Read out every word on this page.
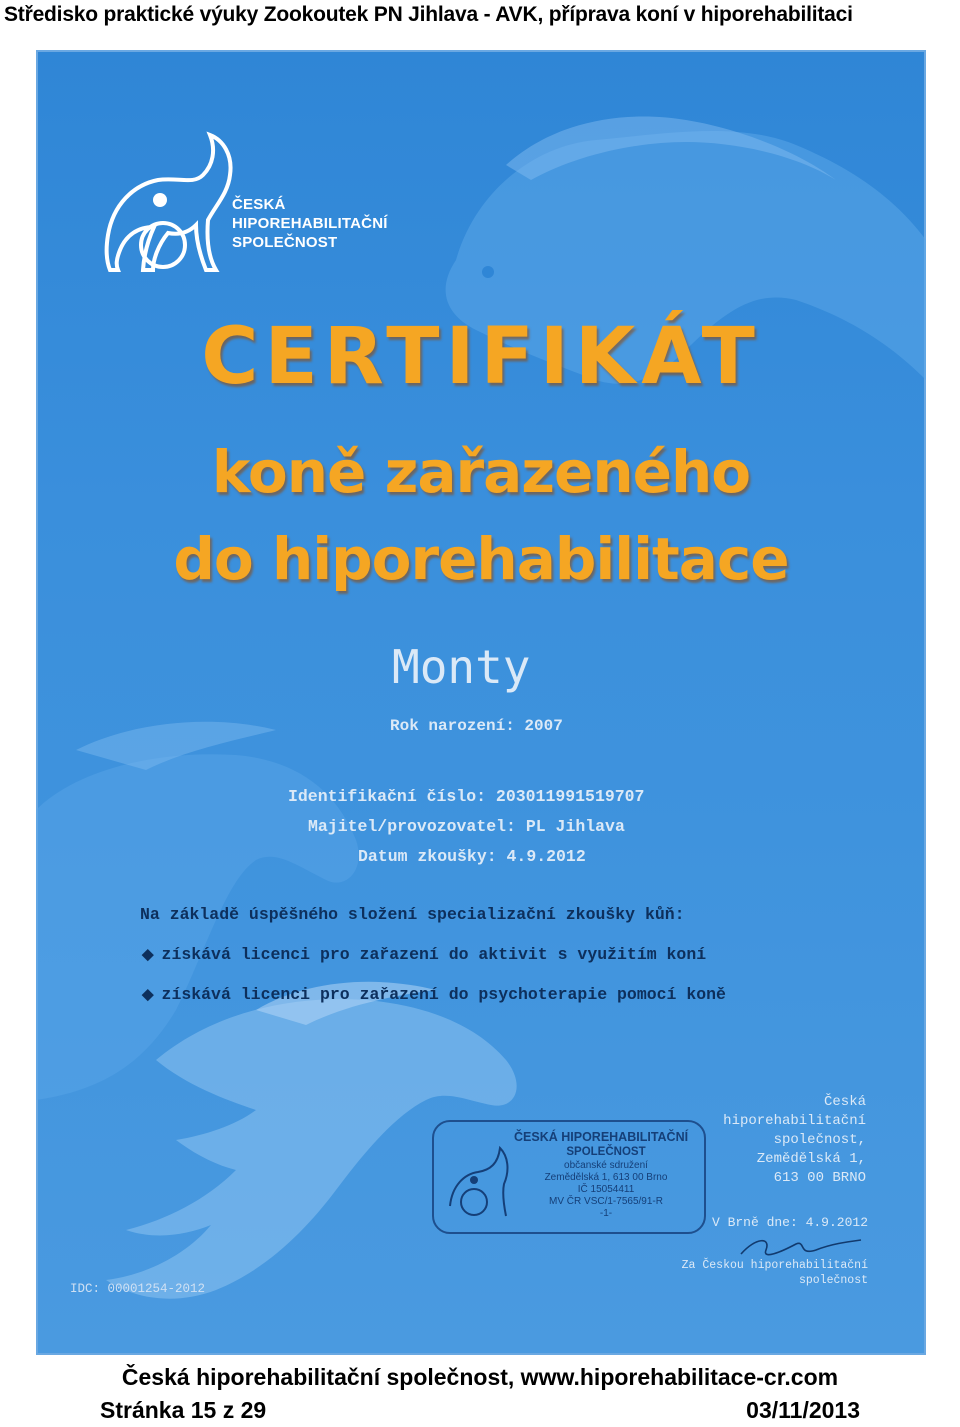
Středisko praktické výuky Zookoutek PN Jihlava - AVK, příprava koní v hiporehabilitaci
ČESKÁ
HIPOREHABILITAČNÍ
SPOLEČNOST
CERTIFIKÁT
koně zařazeného
do hiporehabilitace
Monty
Rok narození: 2007
Identifikační číslo: 203011991519707
Majitel/provozovatel: PL Jihlava
Datum zkoušky: 4.9.2012
Na základě úspěšného složení specializační zkoušky kůň:
◆ získává licenci pro zařazení do aktivit s využitím koní
◆ získává licenci pro zařazení do psychoterapie pomocí koně
ČESKÁ HIPOREHABILITAČNÍ
SPOLEČNOST
občanské sdružení
Zemědělská 1, 613 00 Brno
IČ 15054411
MV ČR VSC/1-7565/91-R
-1-
Česká
hiporehabilitační
společnost,
Zemědělská 1,
613 00 BRNO
V Brně dne: 4.9.2012
Za Českou hiporehabilitační
společnost
IDC: 00001254-2012
Česká hiporehabilitační společnost, www.hiporehabilitace-cr.com
Stránka 15 z 29	03/11/2013
